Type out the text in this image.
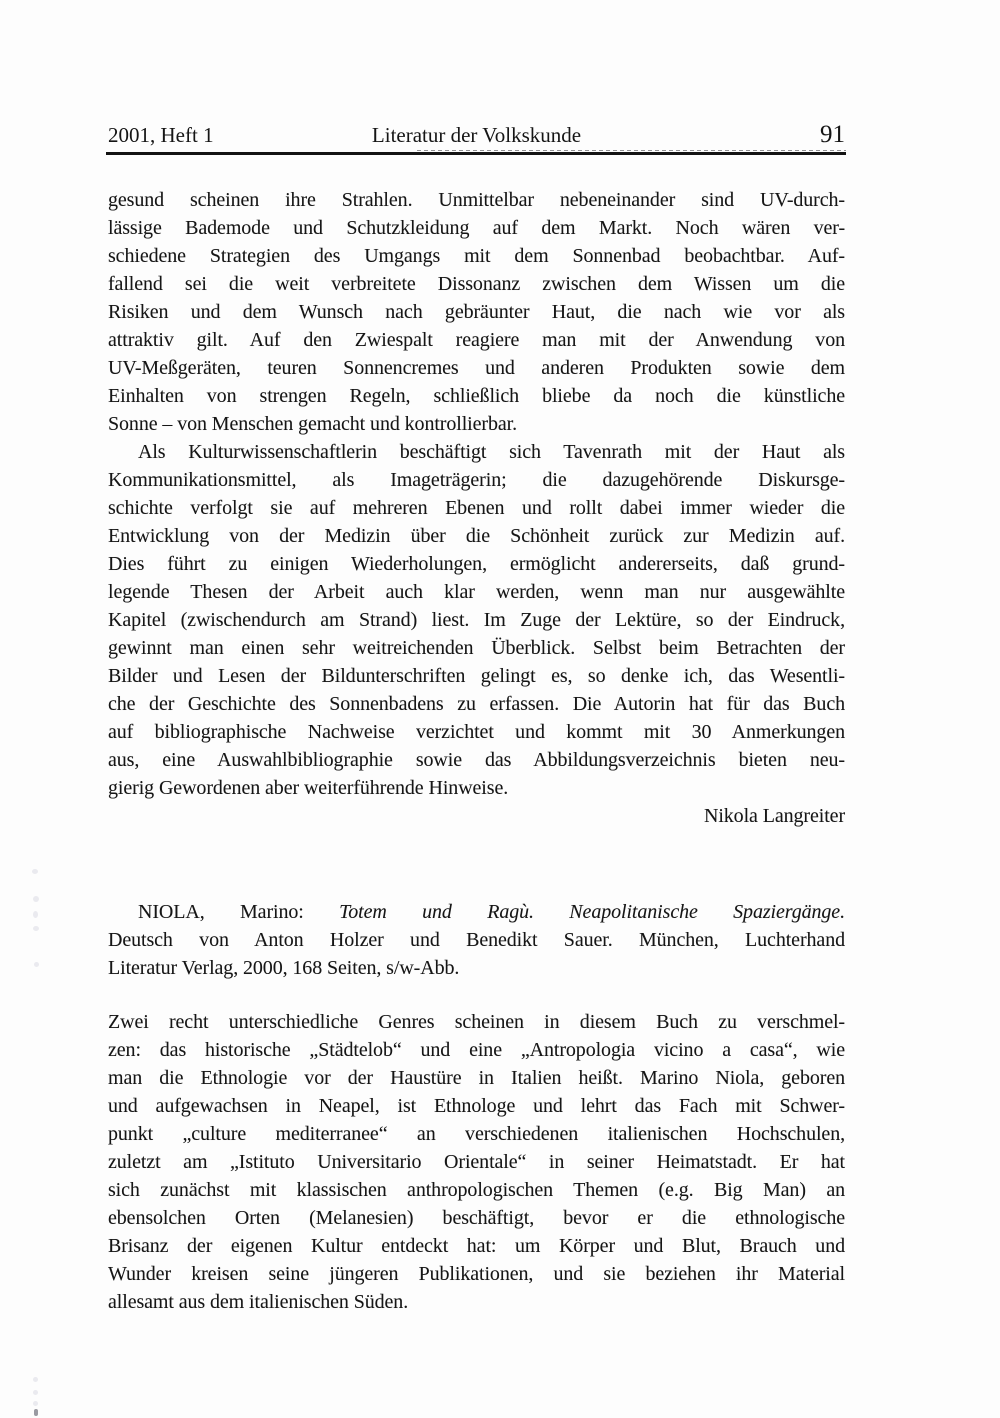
2001, Heft 1	Literatur der Volkskunde	91
gesund scheinen ihre Strahlen. Unmittelbar nebeneinander sind UV-durch-
lässige Bademode und Schutzkleidung auf dem Markt. Noch wären ver-
schiedene Strategien des Umgangs mit dem Sonnenbad beobachtbar. Auf-
fallend sei die weit verbreitete Dissonanz zwischen dem Wissen um die
Risiken und dem Wunsch nach gebräunter Haut, die nach wie vor als
attraktiv gilt. Auf den Zwiespalt reagiere man mit der Anwendung von
UV-Meßgeräten, teuren Sonnencremes und anderen Produkten sowie dem
Einhalten von strengen Regeln, schließlich bliebe da noch die künstliche
Sonne – von Menschen gemacht und kontrollierbar.
Als Kulturwissenschaftlerin beschäftigt sich Tavenrath mit der Haut als
Kommunikationsmittel, als Imageträgerin; die dazugehörende Diskursge-
schichte verfolgt sie auf mehreren Ebenen und rollt dabei immer wieder die
Entwicklung von der Medizin über die Schönheit zurück zur Medizin auf.
Dies führt zu einigen Wiederholungen, ermöglicht andererseits, daß grund-
legende Thesen der Arbeit auch klar werden, wenn man nur ausgewählte
Kapitel (zwischendurch am Strand) liest. Im Zuge der Lektüre, so der Eindruck,
gewinnt man einen sehr weitreichenden Überblick. Selbst beim Betrachten der
Bilder und Lesen der Bildunterschriften gelingt es, so denke ich, das Wesentli-
che der Geschichte des Sonnenbadens zu erfassen. Die Autorin hat für das Buch
auf bibliographische Nachweise verzichtet und kommt mit 30 Anmerkungen
aus, eine Auswahlbibliographie sowie das Abbildungsverzeichnis bieten neu-
gierig Gewordenen aber weiterführende Hinweise.
Nikola Langreiter
NIOLA, Marino: Totem und Ragù. Neapolitanische Spaziergänge.
Deutsch von Anton Holzer und Benedikt Sauer. München, Luchterhand
Literatur Verlag, 2000, 168 Seiten, s/w-Abb.
Zwei recht unterschiedliche Genres scheinen in diesem Buch zu verschmel-
zen: das historische „Städtelob“ und eine „Antropologia vicino a casa“, wie
man die Ethnologie vor der Haustüre in Italien heißt. Marino Niola, geboren
und aufgewachsen in Neapel, ist Ethnologe und lehrt das Fach mit Schwer-
punkt „culture mediterranee“ an verschiedenen italienischen Hochschulen,
zuletzt am „Istituto Universitario Orientale“ in seiner Heimatstadt. Er hat
sich zunächst mit klassischen anthropologischen Themen (e.g. Big Man) an
ebensolchen Orten (Melanesien) beschäftigt, bevor er die ethnologische
Brisanz der eigenen Kultur entdeckt hat: um Körper und Blut, Brauch und
Wunder kreisen seine jüngeren Publikationen, und sie beziehen ihr Material
allesamt aus dem italienischen Süden.
